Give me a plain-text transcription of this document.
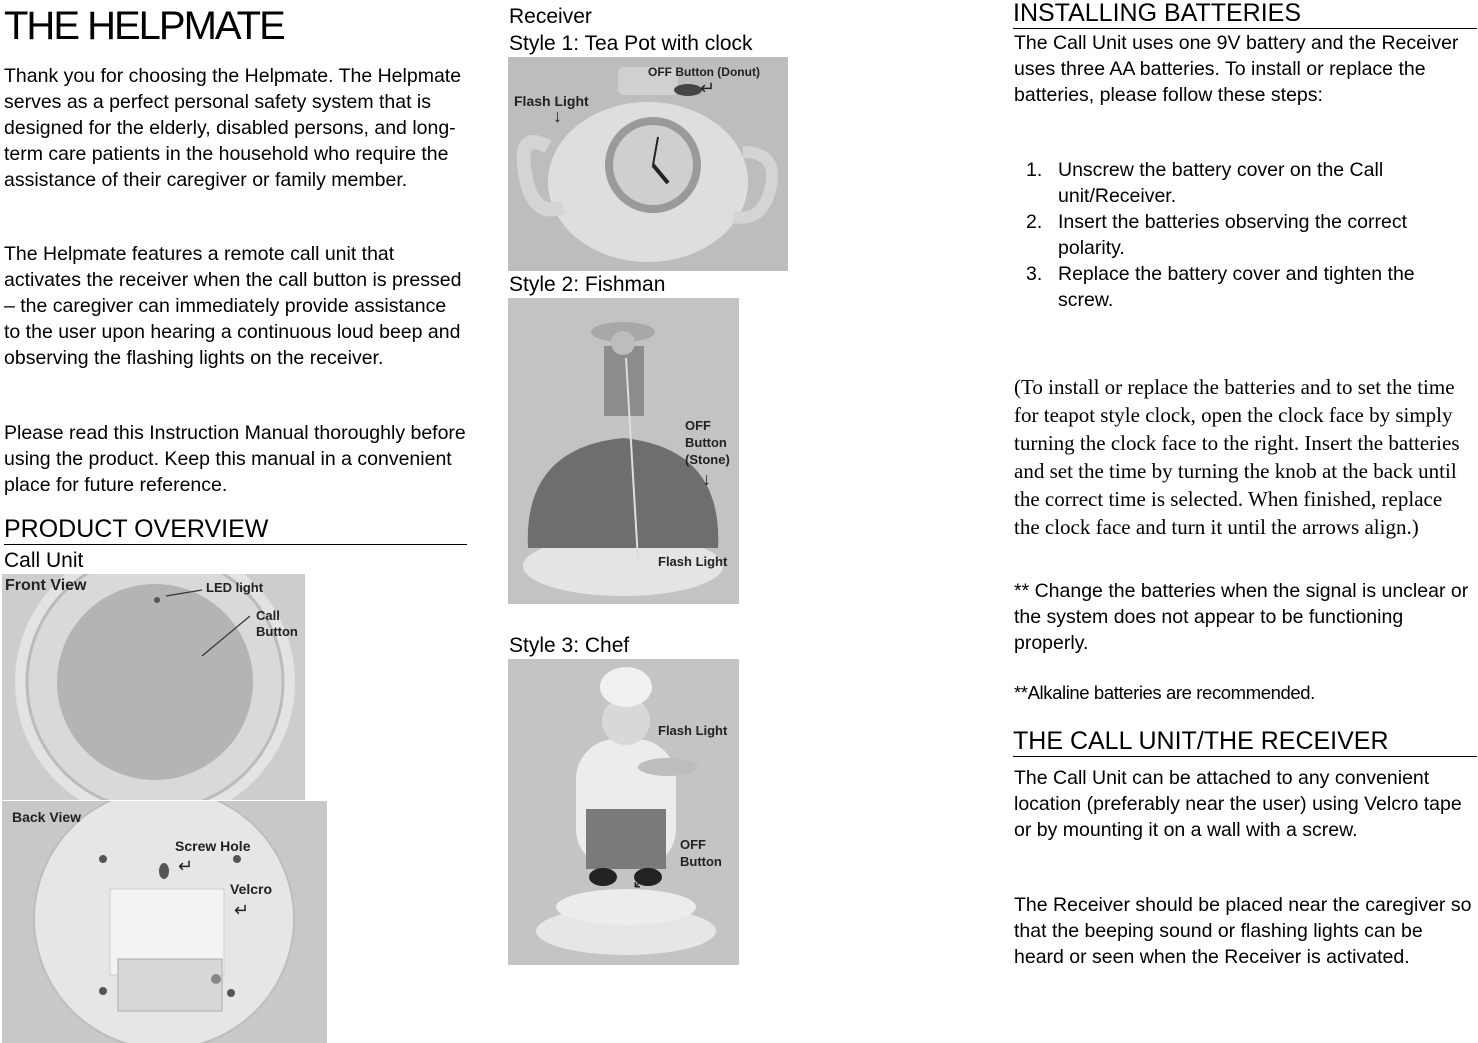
THE HELPMATE

Thank you for choosing the Helpmate. The Helpmate serves as a perfect personal safety system that is designed for the elderly, disabled persons, and long-term care patients in the household who require the assistance of their caregiver or family member.

The Helpmate features a remote call unit that activates the receiver when the call button is pressed – the caregiver can immediately provide assistance to the user upon hearing a continuous loud beep and observing the flashing lights on the receiver.

Please read this Instruction Manual thoroughly before using the product. Keep this manual in a convenient place for future reference.

PRODUCT OVERVIEW
Call Unit
Front View	LED light
Call
Button
Back View
Screw Hole
↵
Velcro
↵
Receiver
Style 1: Tea Pot with clock
OFF Button (Donut)
↵
Flash Light
↓
Style 2: Fishman
OFF
Button
(Stone)
↓
Flash Light
Style 3: Chef
Flash Light
OFF
Button
↙
INSTALLING BATTERIES

The Call Unit uses one 9V battery and the Receiver uses three AA batteries. To install or replace the batteries, please follow these steps:

1. Unscrew the battery cover on the Call unit/Receiver.
2. Insert the batteries observing the correct polarity.
3. Replace the battery cover and tighten the screw.

(To install or replace the batteries and to set the time for teapot style clock, open the clock face by simply turning the clock face to the right. Insert the batteries and set the time by turning the knob at the back until the correct time is selected. When finished, replace the clock face and turn it until the arrows align.)

** Change the batteries when the signal is unclear or the system does not appear to be functioning properly.

**Alkaline batteries are recommended.

THE CALL UNIT/THE RECEIVER

The Call Unit can be attached to any convenient location (preferably near the user) using Velcro tape or by mounting it on a wall with a screw.

The Receiver should be placed near the caregiver so that the beeping sound or flashing lights can be heard or seen when the Receiver is activated.
